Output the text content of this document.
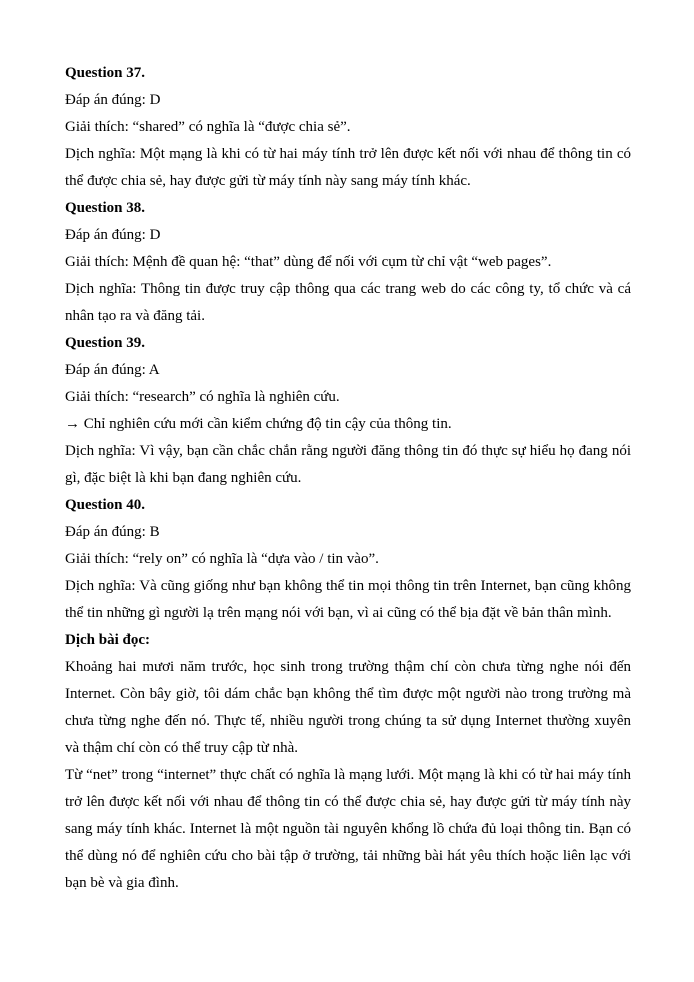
Question 37.

Đáp án đúng: D

Giải thích: “shared” có nghĩa là “được chia sẻ”.

Dịch nghĩa: Một mạng là khi có từ hai máy tính trở lên được kết nối với nhau để thông tin có thể được chia sẻ, hay được gửi từ máy tính này sang máy tính khác.

Question 38.

Đáp án đúng: D

Giải thích: Mệnh đề quan hệ: “that” dùng để nối với cụm từ chỉ vật “web pages”.

Dịch nghĩa: Thông tin được truy cập thông qua các trang web do các công ty, tổ chức và cá nhân tạo ra và đăng tải.

Question 39.

Đáp án đúng: A

Giải thích: “research” có nghĩa là nghiên cứu.

→ Chỉ nghiên cứu mới cần kiểm chứng độ tin cậy của thông tin.

Dịch nghĩa: Vì vậy, bạn cần chắc chắn rằng người đăng thông tin đó thực sự hiểu họ đang nói gì, đặc biệt là khi bạn đang nghiên cứu.

Question 40.

Đáp án đúng: B

Giải thích: “rely on” có nghĩa là “dựa vào / tin vào”.

Dịch nghĩa: Và cũng giống như bạn không thể tin mọi thông tin trên Internet, bạn cũng không thể tin những gì người lạ trên mạng nói với bạn, vì ai cũng có thể bịa đặt về bản thân mình.

Dịch bài đọc:

Khoảng hai mươi năm trước, học sinh trong trường thậm chí còn chưa từng nghe nói đến Internet. Còn bây giờ, tôi dám chắc bạn không thể tìm được một người nào trong trường mà chưa từng nghe đến nó. Thực tế, nhiều người trong chúng ta sử dụng Internet thường xuyên và thậm chí còn có thể truy cập từ nhà.

Từ “net” trong “internet” thực chất có nghĩa là mạng lưới. Một mạng là khi có từ hai máy tính trở lên được kết nối với nhau để thông tin có thể được chia sẻ, hay được gửi từ máy tính này sang máy tính khác. Internet là một nguồn tài nguyên khổng lồ chứa đủ loại thông tin. Bạn có thể dùng nó để nghiên cứu cho bài tập ở trường, tải những bài hát yêu thích hoặc liên lạc với bạn bè và gia đình.
